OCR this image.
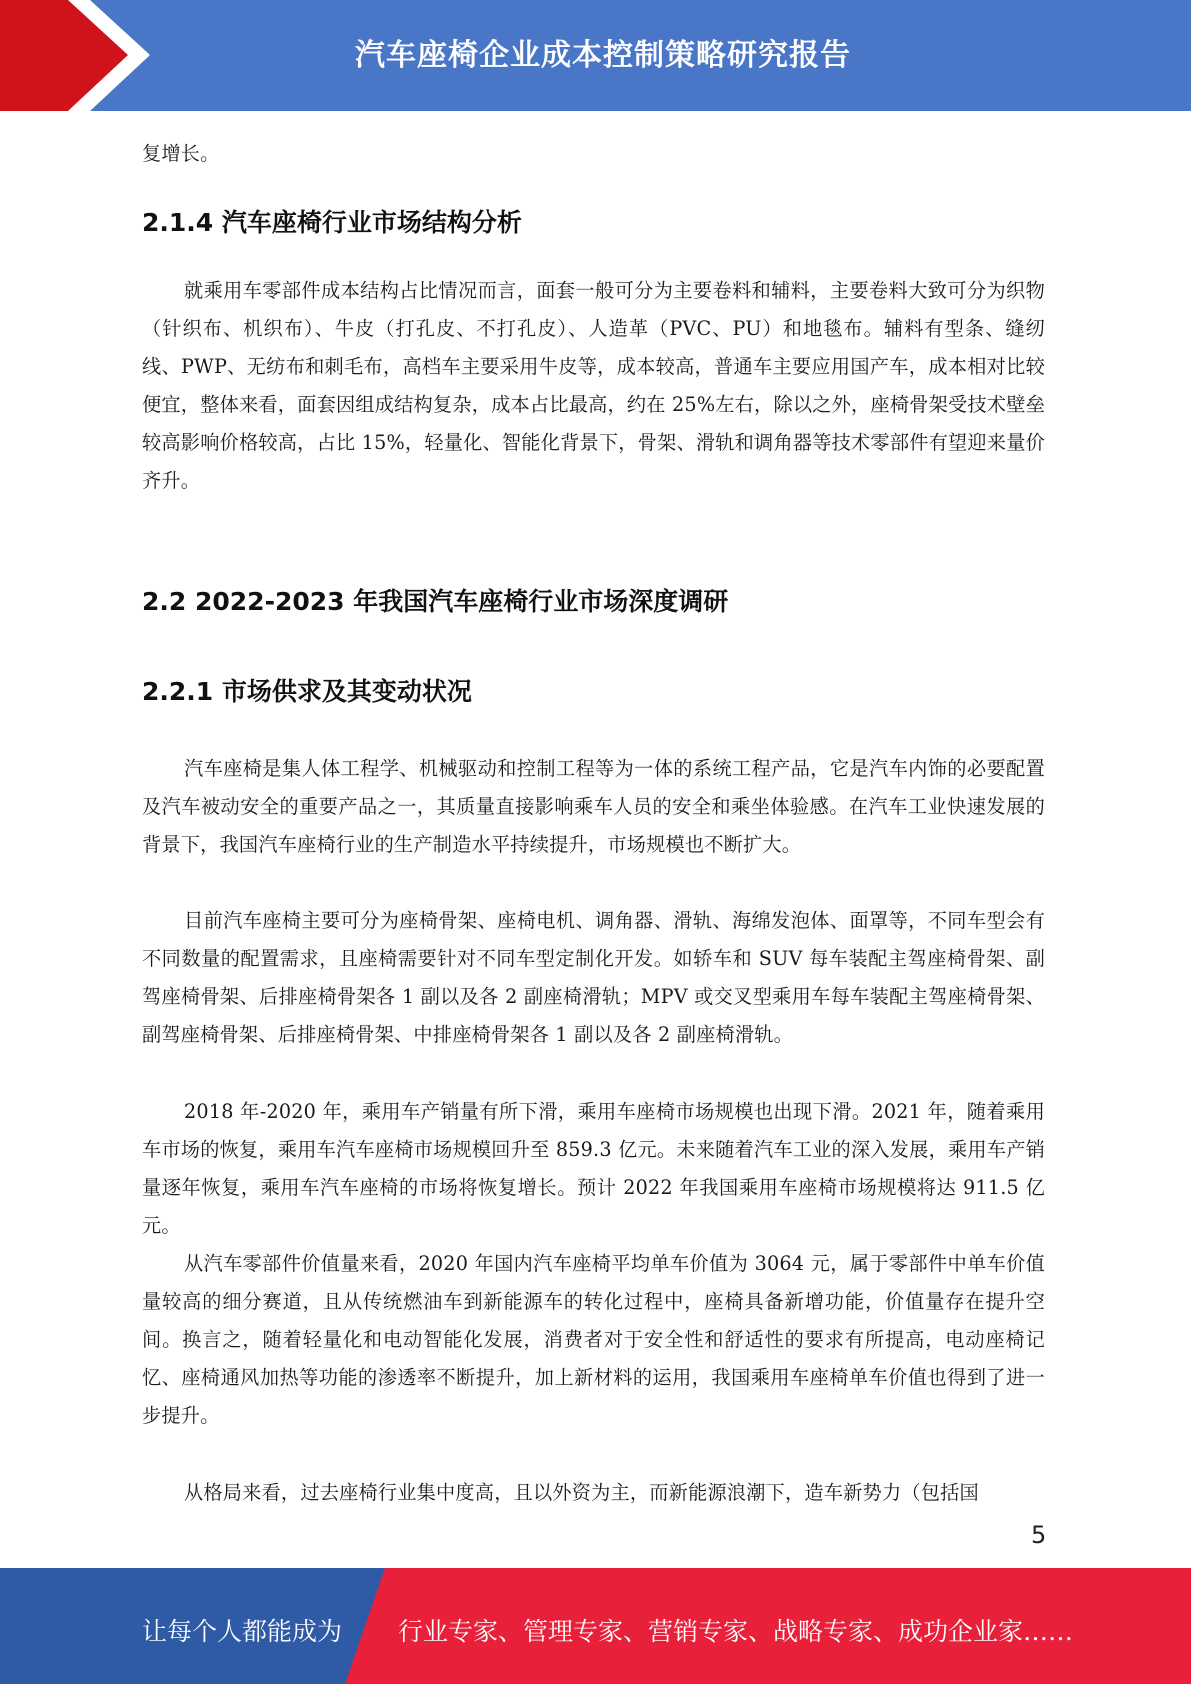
汽车座椅企业成本控制策略研究报告

复增长。

2.1.4 汽车座椅行业市场结构分析

就乘用车零部件成本结构占比情况而言，面套一般可分为主要卷料和辅料，主要卷料大致可分为织物（针织布、机织布）、牛皮（打孔皮、不打孔皮）、人造革（PVC、PU）和地毯布。辅料有型条、缝纫线、PWP、无纺布和刺毛布，高档车主要采用牛皮等，成本较高，普通车主要应用国产车，成本相对比较便宜，整体来看，面套因组成结构复杂，成本占比最高，约在 25%左右，除以之外，座椅骨架受技术壁垒较高影响价格较高，占比 15%，轻量化、智能化背景下，骨架、滑轨和调角器等技术零部件有望迎来量价齐升。

2.2 2022-2023 年我国汽车座椅行业市场深度调研
2.2.1 市场供求及其变动状况

汽车座椅是集人体工程学、机械驱动和控制工程等为一体的系统工程产品，它是汽车内饰的必要配置及汽车被动安全的重要产品之一，其质量直接影响乘车人员的安全和乘坐体验感。在汽车工业快速发展的背景下，我国汽车座椅行业的生产制造水平持续提升，市场规模也不断扩大。

目前汽车座椅主要可分为座椅骨架、座椅电机、调角器、滑轨、海绵发泡体、面罩等，不同车型会有不同数量的配置需求，且座椅需要针对不同车型定制化开发。如轿车和 SUV 每车装配主驾座椅骨架、副驾座椅骨架、后排座椅骨架各 1 副以及各 2 副座椅滑轨；MPV 或交叉型乘用车每车装配主驾座椅骨架、副驾座椅骨架、后排座椅骨架、中排座椅骨架各 1 副以及各 2 副座椅滑轨。

2018 年-2020 年，乘用车产销量有所下滑，乘用车座椅市场规模也出现下滑。2021 年，随着乘用车市场的恢复，乘用车汽车座椅市场规模回升至 859.3 亿元。未来随着汽车工业的深入发展，乘用车产销量逐年恢复，乘用车汽车座椅的市场将恢复增长。预计 2022 年我国乘用车座椅市场规模将达 911.5 亿元。

从汽车零部件价值量来看，2020 年国内汽车座椅平均单车价值为 3064 元，属于零部件中单车价值量较高的细分赛道，且从传统燃油车到新能源车的转化过程中，座椅具备新增功能，价值量存在提升空间。换言之，随着轻量化和电动智能化发展，消费者对于安全性和舒适性的要求有所提高，电动座椅记忆、座椅通风加热等功能的渗透率不断提升，加上新材料的运用，我国乘用车座椅单车价值也得到了进一步提升。

从格局来看，过去座椅行业集中度高，且以外资为主，而新能源浪潮下，造车新势力（包括国

5
让每个人都能成为 行业专家、管理专家、营销专家、战略专家、成功企业家……
